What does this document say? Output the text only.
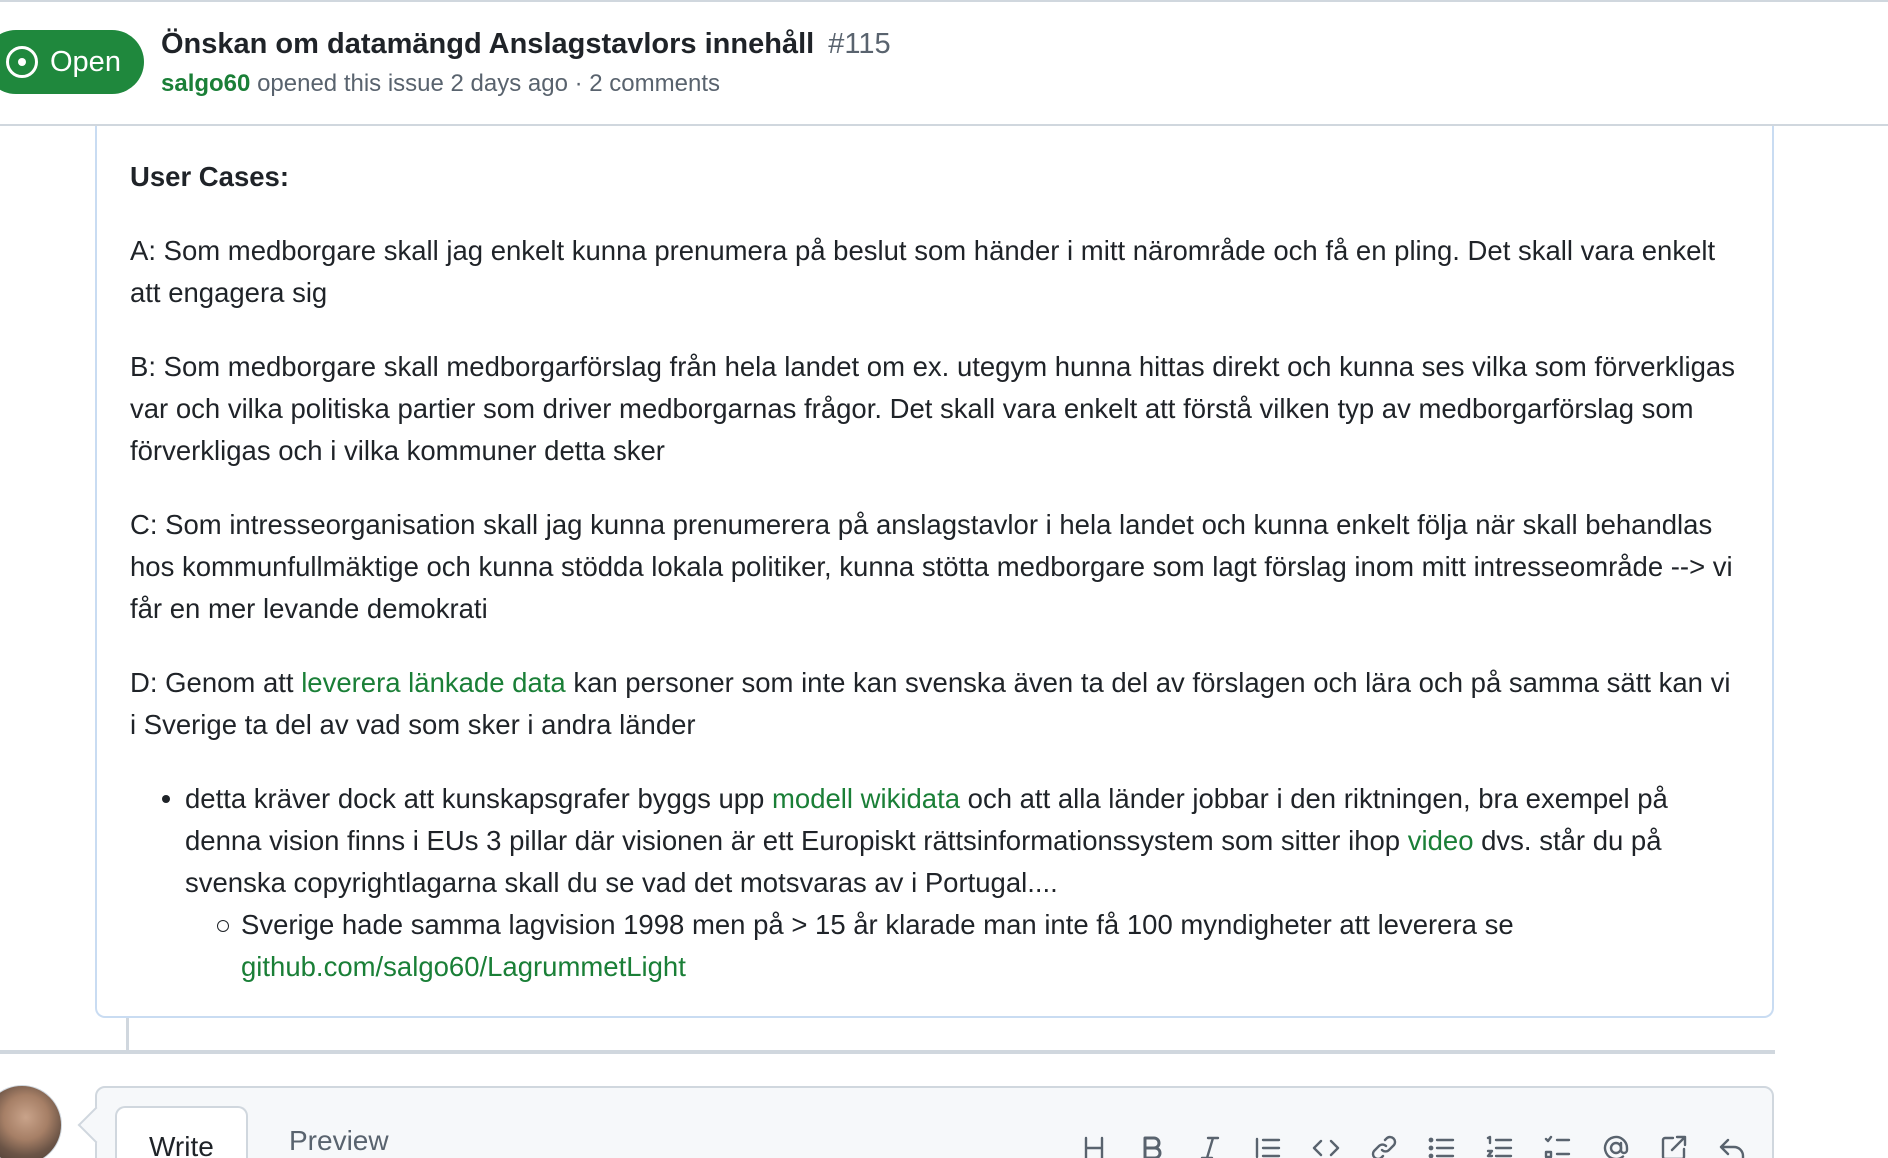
Open
Önskan om datamängd Anslagstavlors innehåll #115
salgo60 opened this issue 2 days ago · 2 comments
User Cases:

A: Som medborgare skall jag enkelt kunna prenumera på beslut som händer i mitt närområde och få en pling. Det skall vara enkelt att engagera sig

B: Som medborgare skall medborgarförslag från hela landet om ex. utegym hunna hittas direkt och kunna ses vilka som förverkligas var och vilka politiska partier som driver medborgarnas frågor. Det skall vara enkelt att förstå vilken typ av medborgarförslag som förverkligas och i vilka kommuner detta sker

C: Som intresseorganisation skall jag kunna prenumerera på anslagstavlor i hela landet och kunna enkelt följa när skall behandlas hos kommunfullmäktige och kunna stödda lokala politiker, kunna stötta medborgare som lagt förslag inom mitt intresseområde --> vi får en mer levande demokrati

D: Genom att leverera länkade data kan personer som inte kan svenska även ta del av förslagen och lära och på samma sätt kan vi i Sverige ta del av vad som sker i andra länder

detta kräver dock att kunskapsgrafer byggs upp modell wikidata och att alla länder jobbar i den riktningen, bra exempel på denna vision finns i EUs 3 pillar där visionen är ett Europiskt rättsinformationssystem som sitter ihop video dvs. står du på svenska copyrightlagarna skall du se vad det motsvaras av i Portugal....
Sverige hade samma lagvision 1998 men på > 15 år klarade man inte få 100 myndigheter att leverera se github.com/salgo60/LagrummetLight
Write	Preview
